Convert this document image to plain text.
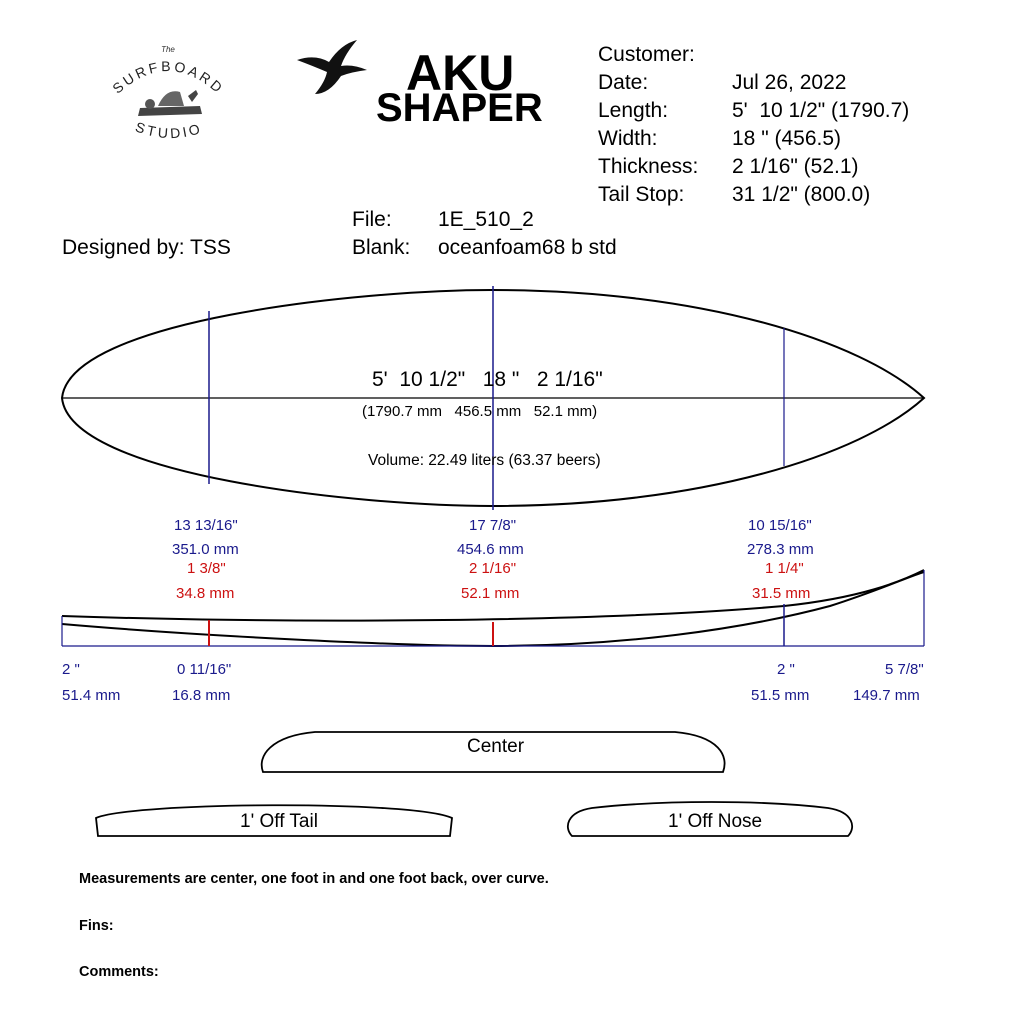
The
SURFBOARD
STUDIO
AKU
SHAPER
Customer:
Date:	Jul 26, 2022
Length:	5'  10 1/2" (1790.7)
Width:	18 " (456.5)
Thickness: 2 1/16" (52.1)
Tail Stop: 31 1/2" (800.0)
File: 1E_510_2
Blank: oceanfoam68 b std
Designed by: TSS
5'  10 1/2"   18 "   2 1/16"
(1790.7 mm   456.5 mm   52.1 mm)
Volume: 22.49 liters (63.37 beers)
13 13/16"
351.0 mm
1 3/8"
34.8 mm
17 7/8"
454.6 mm
2 1/16"
52.1 mm
10 15/16"
278.3 mm
1 1/4"
31.5 mm
2 "
51.4 mm
0 11/16"
16.8 mm
2 "
51.5 mm
5 7/8"
149.7 mm
Center
1' Off Tail	1' Off Nose
Measurements are center, one foot in and one foot back, over curve.
Fins:
Comments:
